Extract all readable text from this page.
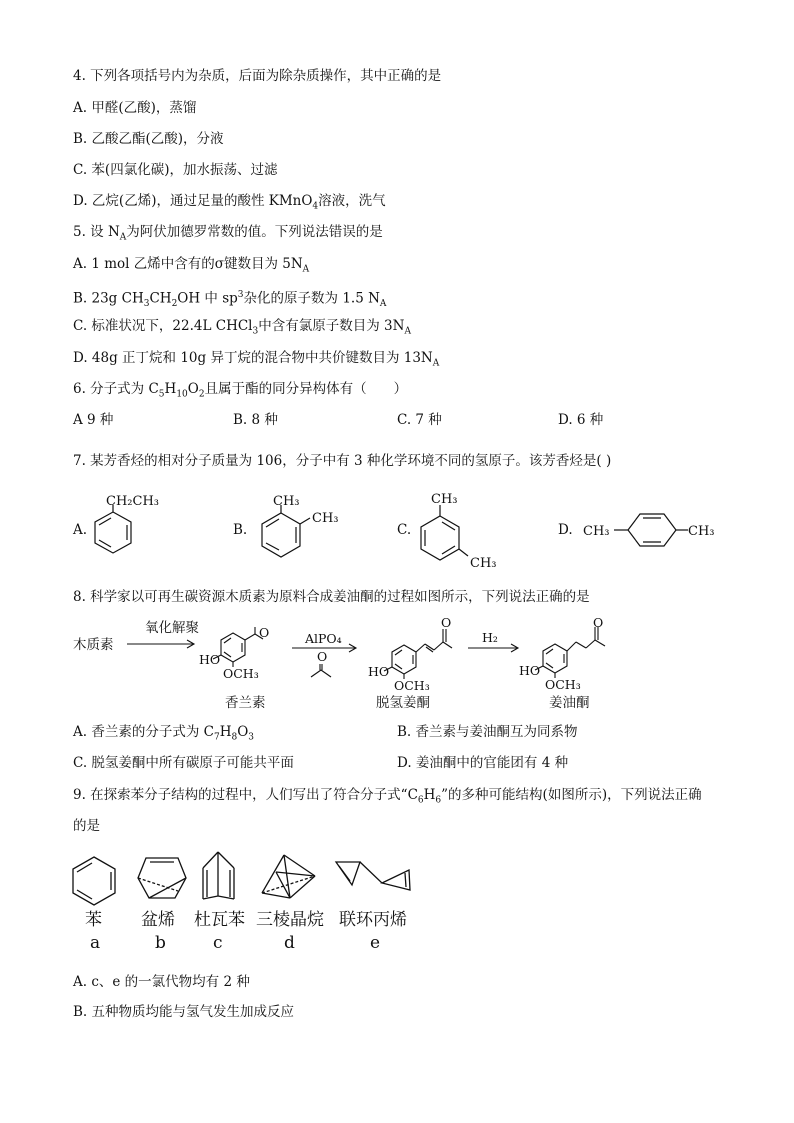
4. 下列各项括号内为杂质，后面为除杂质操作，其中正确的是
A. 甲醛(乙酸)，蒸馏
B. 乙酸乙酯(乙酸)，分液
C. 苯(四氯化碳)，加水振荡、过滤
D. 乙烷(乙烯)，通过足量的酸性 KMnO$_4$溶液，洗气
5. 设 $N_A$为阿伏加德罗常数的值。下列说法错误的是
A. 1 mol 乙烯中含有的σ键数目为 $5N_A$
B. 23g $CH_3CH_2OH$ 中 $sp^3$杂化的原子数为 1.5 $N_A$
C. 标准状况下，22.4L CHCl$_3$中含有氯原子数目为 $3N_A$
D. 48g 正丁烷和 10g 异丁烷的混合物中共价键数目为 $13N_A$
6. 分子式为 $C_5H_{10}O_2$且属于酯的同分异构体有（　　）
A 9 种	B. 8 种	C. 7 种	D. 6 种
7. 某芳香烃的相对分子质量为 106，分子中有 3 种化学环境不同的氢原子。该芳香烃是( )
A.	B.	C.	D.
CH₂CH₃	CH₃
CH₃
CH₃
CH₃
CH₃	CH₃
8. 科学家以可再生碳资源木质素为原料合成姜油酮的过程如图所示，下列说法正确的是
木质素
氧化解聚
AlPO₄	H₂
O
HO
OCH₃
O
O
HO
OCH₃
O
HO
OCH₃
香兰素	脱氢姜酮	姜油酮
A. 香兰素的分子式为 $C_7H_8O_3$	B. 香兰素与姜油酮互为同系物
C. 脱氢姜酮中所有碳原子可能共平面	D. 姜油酮中的官能团有 4 种
9. 在探索苯分子结构的过程中，人们写出了符合分子式“$C_6H_6$”的多种可能结构(如图所示)，下列说法正确
的是
苯 盆烯 杜瓦苯 三棱晶烷 联环丙烯
a	b	c	d	e
A. c、e 的一氯代物均有 2 种
B. 五种物质均能与氢气发生加成反应
